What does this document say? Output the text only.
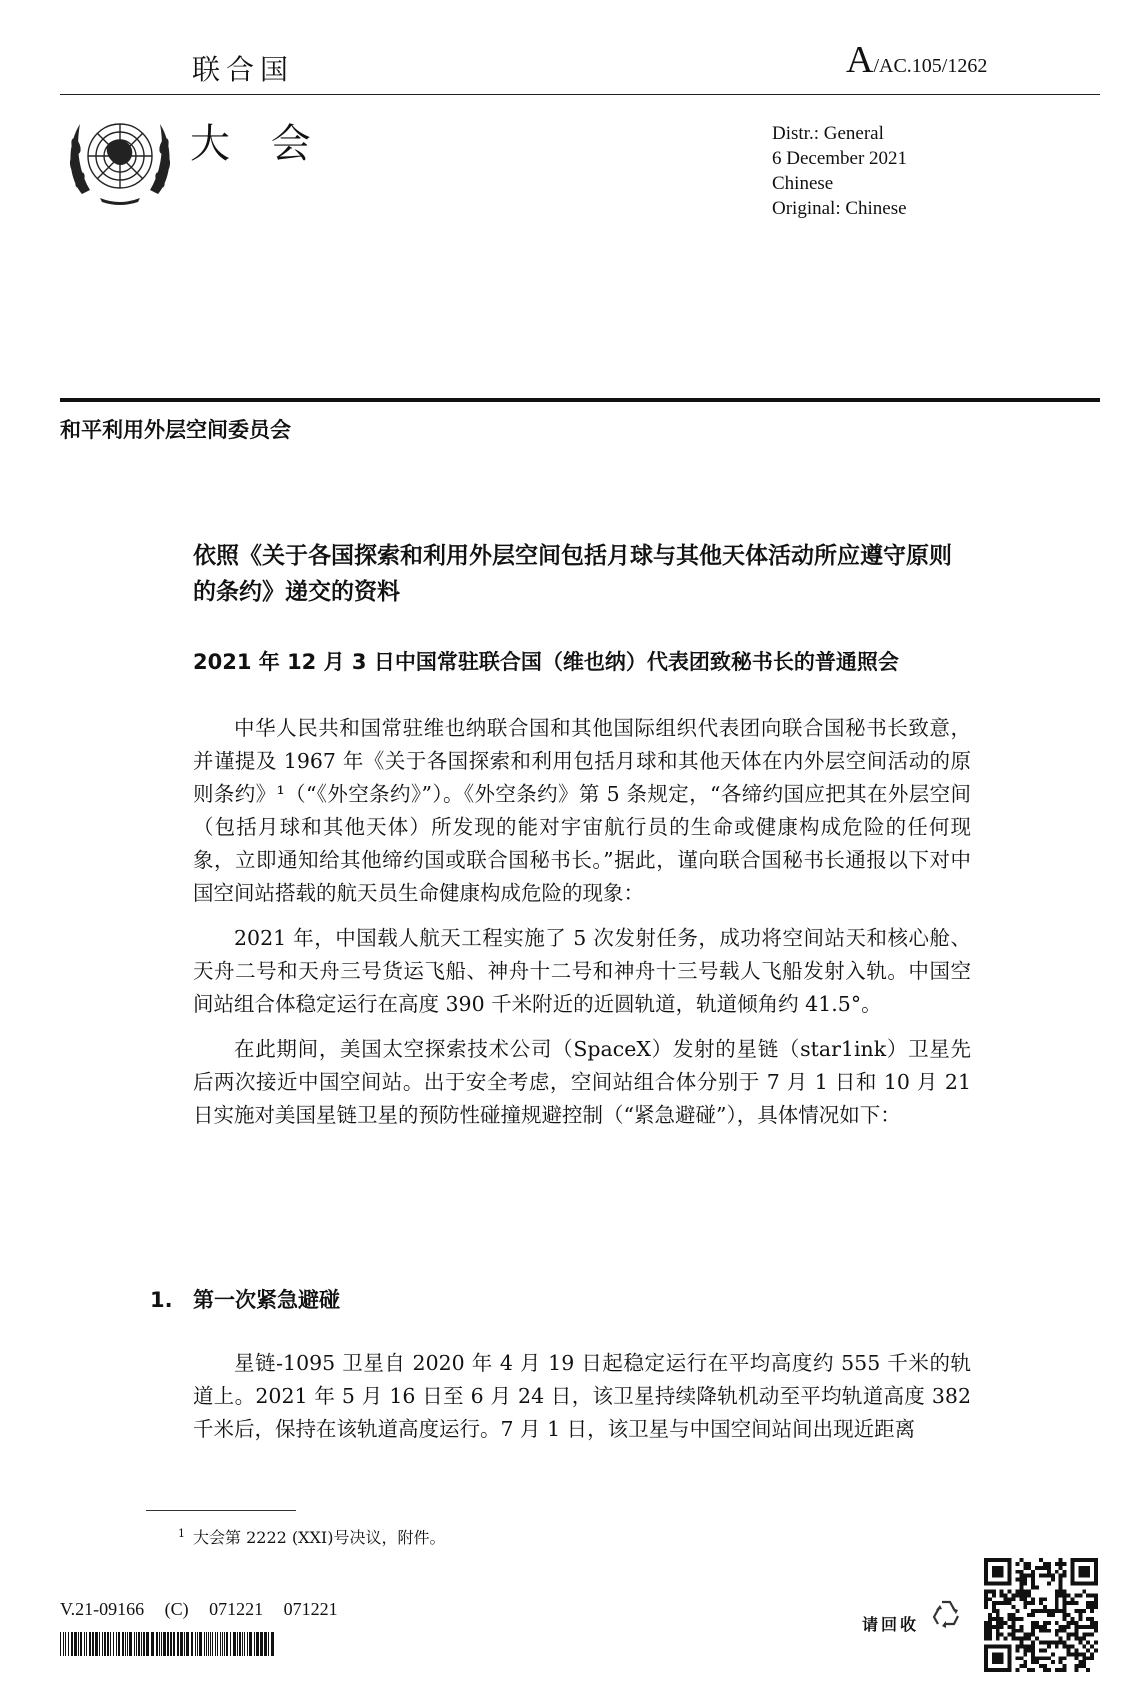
联合国	A/AC.105/1262
大 会	Distr.: General
6 December 2021
Chinese
Original: Chinese
和平利用外层空间委员会
依照《关于各国探索和利用外层空间包括月球与其他天体活动所应遵守原则的条约》递交的资料
2021 年 12 月 3 日中国常驻联合国（维也纳）代表团致秘书长的普通照会

中华人民共和国常驻维也纳联合国和其他国际组织代表团向联合国秘书长致意，并谨提及 1967 年《关于各国探索和利用包括月球和其他天体在内外层空间活动的原则条约》¹（“《外空条约》”）。《外空条约》第 5 条规定，“各缔约国应把其在外层空间（包括月球和其他天体）所发现的能对宇宙航行员的生命或健康构成危险的任何现象，立即通知给其他缔约国或联合国秘书长。”据此，谨向联合国秘书长通报以下对中国空间站搭载的航天员生命健康构成危险的现象：

2021 年，中国载人航天工程实施了 5 次发射任务，成功将空间站天和核心舱、天舟二号和天舟三号货运飞船、神舟十二号和神舟十三号载人飞船发射入轨。中国空间站组合体稳定运行在高度 390 千米附近的近圆轨道，轨道倾角约 41.5°。

在此期间，美国太空探索技术公司（SpaceX）发射的星链（star1ink）卫星先后两次接近中国空间站。出于安全考虑，空间站组合体分别于 7 月 1 日和 10 月 21 日实施对美国星链卫星的预防性碰撞规避控制（“紧急避碰”），具体情况如下：

1. 第一次紧急避碰

星链-1095 卫星自 2020 年 4 月 19 日起稳定运行在平均高度约 555 千米的轨道上。2021 年 5 月 16 日至 6 月 24 日，该卫星持续降轨机动至平均轨道高度 382 千米后，保持在该轨道高度运行。7 月 1 日，该卫星与中国空间站间出现近距离

$^1$ 大会第 2222 (XXI)号决议，附件。
V.21-09166 (C) 071221 071221
请回收
